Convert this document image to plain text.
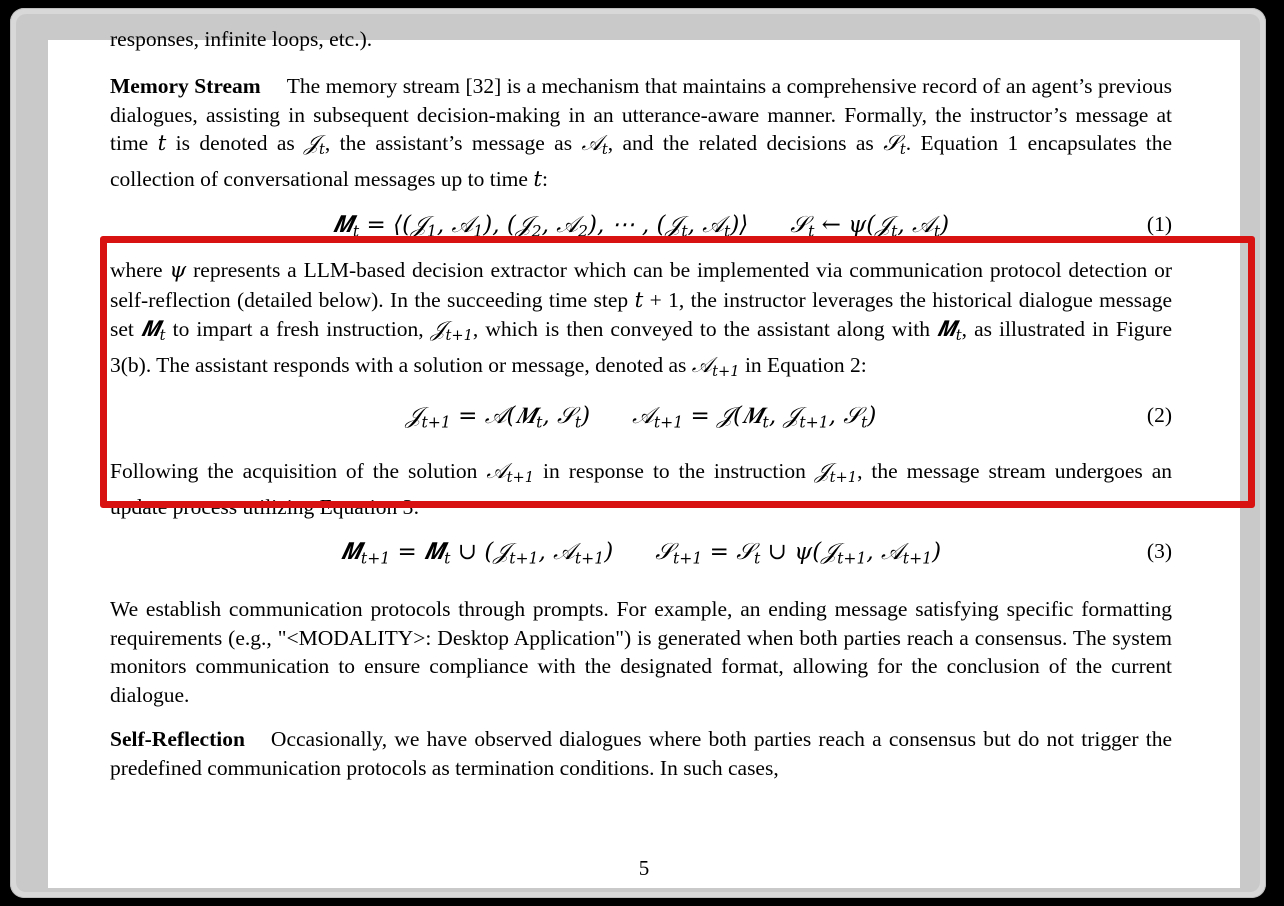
responses, infinite loops, etc.).

Memory Stream The memory stream [32] is a mechanism that maintains a comprehensive record of an agent’s previous dialogues, assisting in subsequent decision-making in an utterance-aware manner. Formally, the instructor’s message at time t is denoted as 𝒥$_t$, the assistant’s message as 𝒜$_t$, and the related decisions as 𝒮$_t$. Equation 1 encapsulates the collection of conversational messages up to time t:

𝑴$_t$ = ⟨(𝒥$_1$, 𝒜$_1$), (𝒥$_2$, 𝒜$_2$), ⋯ , (𝒥$_t$, 𝒜$_t$)⟩ 𝒮$_t$ ← ψ(𝒥$_t$, 𝒜$_t$)	(1)

where ψ represents a LLM-based decision extractor which can be implemented via communication protocol detection or self-reflection (detailed below). In the succeeding time step t + 1, the instructor leverages the historical dialogue message set 𝑴$_t$ to impart a fresh instruction, 𝒥$_{t+1}$, which is then conveyed to the assistant along with 𝑴$_t$, as illustrated in Figure 3(b). The assistant responds with a solution or message, denoted as 𝒜$_{t+1}$ in Equation 2:

𝒥$_{t+1}$ = 𝒜(𝑴$_t$, 𝒮$_t$) 𝒜$_{t+1}$ = 𝒥(𝑴$_t$, 𝒥$_{t+1}$, 𝒮$_t$)	(2)

Following the acquisition of the solution 𝒜$_{t+1}$ in response to the instruction 𝒥$_{t+1}$, the message stream undergoes an update process utilizing Equation 3:

𝑴$_{t+1}$ = 𝑴$_t$ ∪ (𝒥$_{t+1}$, 𝒜$_{t+1}$) 𝒮$_{t+1}$ = 𝒮$_t$ ∪ ψ(𝒥$_{t+1}$, 𝒜$_{t+1}$)	(3)

We establish communication protocols through prompts. For example, an ending message satisfying specific formatting requirements (e.g., "<MODALITY>: Desktop Application") is generated when both parties reach a consensus. The system monitors communication to ensure compliance with the designated format, allowing for the conclusion of the current dialogue.

Self-Reflection Occasionally, we have observed dialogues where both parties reach a consensus but do not trigger the predefined communication protocols as termination conditions. In such cases,

5
